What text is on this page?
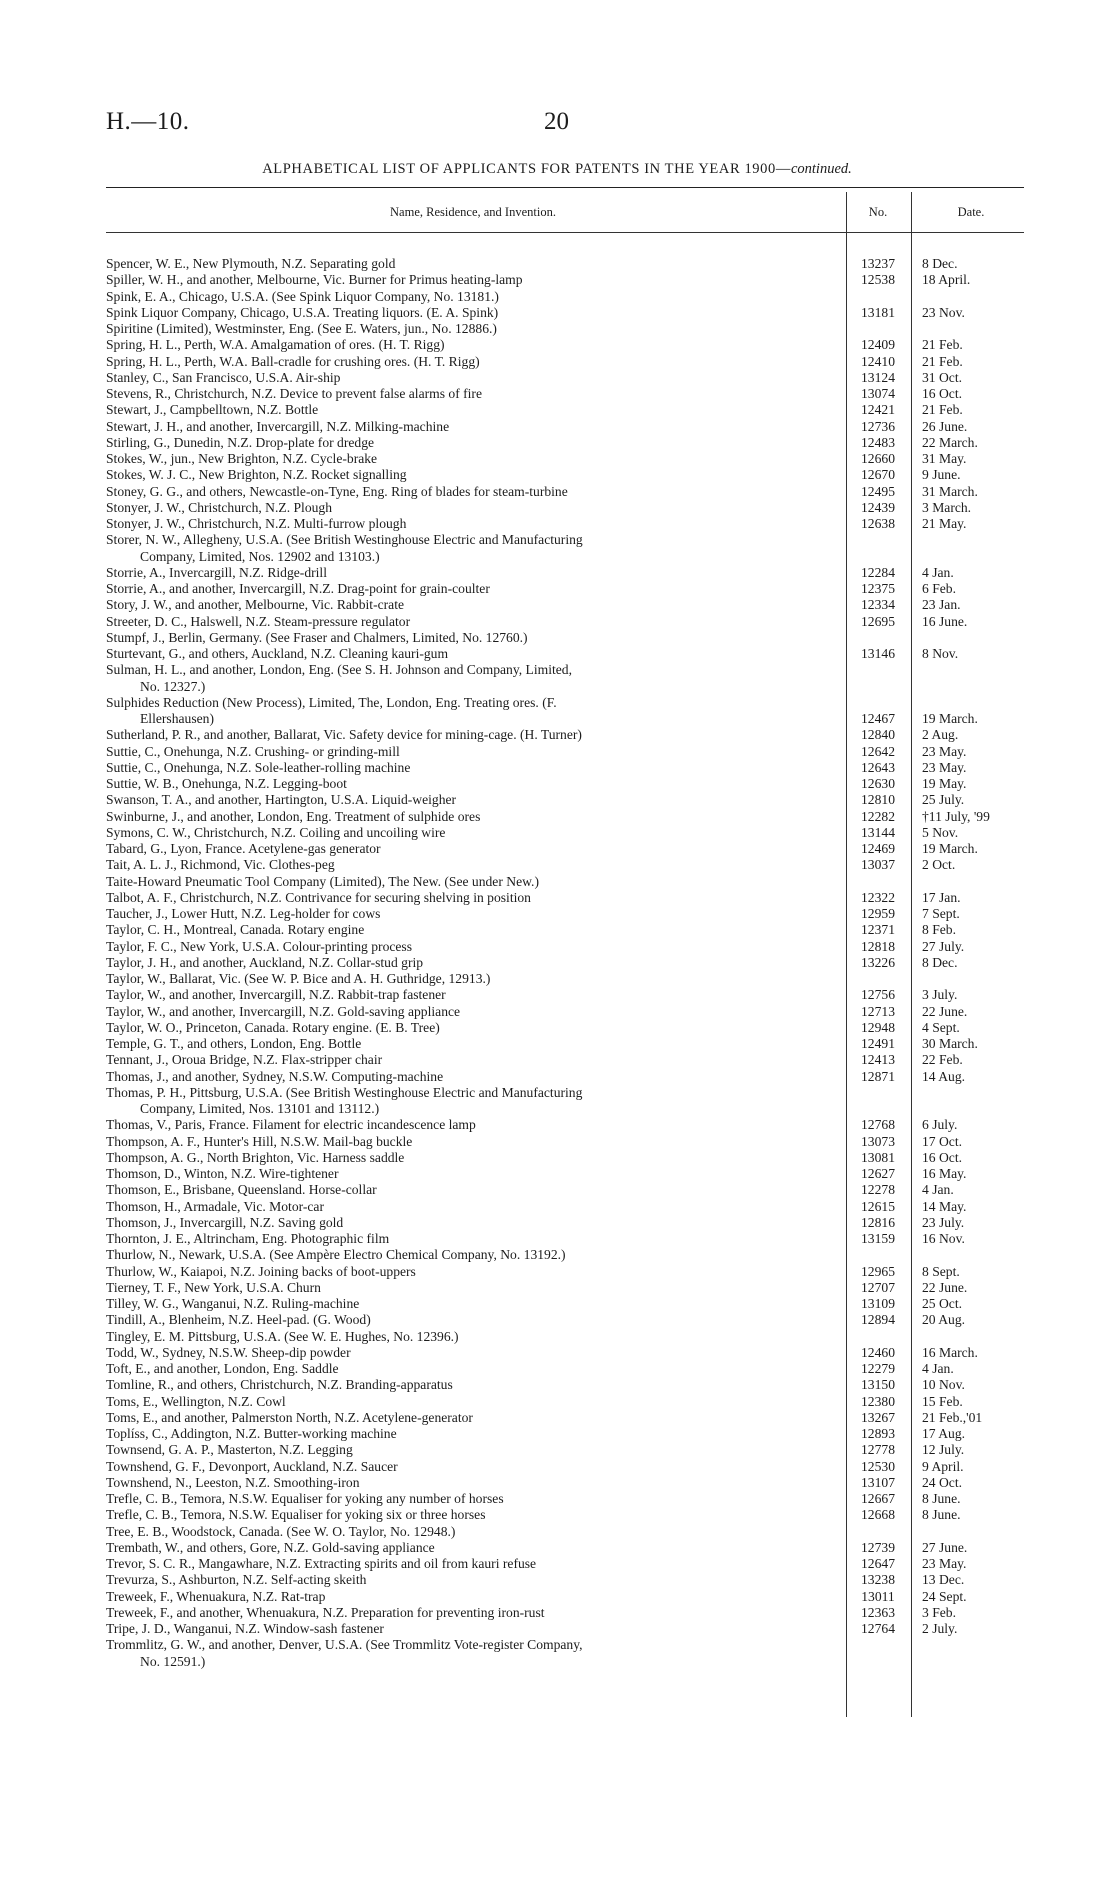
H.—10.	20
ALPHABETICAL LIST OF APPLICANTS FOR PATENTS IN THE YEAR 1900—continued.
Name, Residence, and Invention.	No.	Date.
Spencer, W. E., New Plymouth, N.Z. Separating gold	13237	8 Dec.
Spiller, W. H., and another, Melbourne, Vic. Burner for Primus heating-lamp	12538	18 April.
Spink, E. A., Chicago, U.S.A. (See Spink Liquor Company, No. 13181.)
Spink Liquor Company, Chicago, U.S.A. Treating liquors. (E. A. Spink)	13181	23 Nov.
Spiritine (Limited), Westminster, Eng. (See E. Waters, jun., No. 12886.)
Spring, H. L., Perth, W.A. Amalgamation of ores. (H. T. Rigg)	12409	21 Feb.
Spring, H. L., Perth, W.A. Ball-cradle for crushing ores. (H. T. Rigg)	12410	21 Feb.
Stanley, C., San Francisco, U.S.A. Air-ship	13124	31 Oct.
Stevens, R., Christchurch, N.Z. Device to prevent false alarms of fire	13074	16 Oct.
Stewart, J., Campbelltown, N.Z. Bottle	12421	21 Feb.
Stewart, J. H., and another, Invercargill, N.Z. Milking-machine	12736	26 June.
Stirling, G., Dunedin, N.Z. Drop-plate for dredge	12483	22 March.
Stokes, W., jun., New Brighton, N.Z. Cycle-brake	12660	31 May.
Stokes, W. J. C., New Brighton, N.Z. Rocket signalling	12670	9 June.
Stoney, G. G., and others, Newcastle-on-Tyne, Eng. Ring of blades for steam-turbine	12495	31 March.
Stonyer, J. W., Christchurch, N.Z. Plough	12439	3 March.
Stonyer, J. W., Christchurch, N.Z. Multi-furrow plough	12638	21 May.
Storer, N. W., Allegheny, U.S.A. (See British Westinghouse Electric and Manufacturing
Company, Limited, Nos. 12902 and 13103.)
Storrie, A., Invercargill, N.Z. Ridge-drill	12284	4 Jan.
Storrie, A., and another, Invercargill, N.Z. Drag-point for grain-coulter	12375	6 Feb.
Story, J. W., and another, Melbourne, Vic. Rabbit-crate	12334	23 Jan.
Streeter, D. C., Halswell, N.Z. Steam-pressure regulator	12695	16 June.
Stumpf, J., Berlin, Germany. (See Fraser and Chalmers, Limited, No. 12760.)
Sturtevant, G., and others, Auckland, N.Z. Cleaning kauri-gum	13146	8 Nov.
Sulman, H. L., and another, London, Eng. (See S. H. Johnson and Company, Limited,
No. 12327.)
Sulphides Reduction (New Process), Limited, The, London, Eng. Treating ores. (F.
Ellershausen)	12467	19 March.
Sutherland, P. R., and another, Ballarat, Vic. Safety device for mining-cage. (H. Turner)	12840	2 Aug.
Suttie, C., Onehunga, N.Z. Crushing- or grinding-mill	12642	23 May.
Suttie, C., Onehunga, N.Z. Sole-leather-rolling machine	12643	23 May.
Suttie, W. B., Onehunga, N.Z. Legging-boot	12630	19 May.
Swanson, T. A., and another, Hartington, U.S.A. Liquid-weigher	12810	25 July.
Swinburne, J., and another, London, Eng. Treatment of sulphide ores	12282	†11 July, '99
Symons, C. W., Christchurch, N.Z. Coiling and uncoiling wire	13144	5 Nov.
Tabard, G., Lyon, France. Acetylene-gas generator	12469	19 March.
Tait, A. L. J., Richmond, Vic. Clothes-peg	13037	2 Oct.
Taite-Howard Pneumatic Tool Company (Limited), The New. (See under New.)
Talbot, A. F., Christchurch, N.Z. Contrivance for securing shelving in position	12322	17 Jan.
Taucher, J., Lower Hutt, N.Z. Leg-holder for cows	12959	7 Sept.
Taylor, C. H., Montreal, Canada. Rotary engine	12371	8 Feb.
Taylor, F. C., New York, U.S.A. Colour-printing process	12818	27 July.
Taylor, J. H., and another, Auckland, N.Z. Collar-stud grip	13226	8 Dec.
Taylor, W., Ballarat, Vic. (See W. P. Bice and A. H. Guthridge, 12913.)
Taylor, W., and another, Invercargill, N.Z. Rabbit-trap fastener	12756	3 July.
Taylor, W., and another, Invercargill, N.Z. Gold-saving appliance	12713	22 June.
Taylor, W. O., Princeton, Canada. Rotary engine. (E. B. Tree)	12948	4 Sept.
Temple, G. T., and others, London, Eng. Bottle	12491	30 March.
Tennant, J., Oroua Bridge, N.Z. Flax-stripper chair	12413	22 Feb.
Thomas, J., and another, Sydney, N.S.W. Computing-machine	12871	14 Aug.
Thomas, P. H., Pittsburg, U.S.A. (See British Westinghouse Electric and Manufacturing
Company, Limited, Nos. 13101 and 13112.)
Thomas, V., Paris, France. Filament for electric incandescence lamp	12768	6 July.
Thompson, A. F., Hunter's Hill, N.S.W. Mail-bag buckle	13073	17 Oct.
Thompson, A. G., North Brighton, Vic. Harness saddle	13081	16 Oct.
Thomson, D., Winton, N.Z. Wire-tightener	12627	16 May.
Thomson, E., Brisbane, Queensland. Horse-collar	12278	4 Jan.
Thomson, H., Armadale, Vic. Motor-car	12615	14 May.
Thomson, J., Invercargill, N.Z. Saving gold	12816	23 July.
Thornton, J. E., Altrincham, Eng. Photographic film	13159	16 Nov.
Thurlow, N., Newark, U.S.A. (See Ampère Electro Chemical Company, No. 13192.)
Thurlow, W., Kaiapoi, N.Z. Joining backs of boot-uppers	12965	8 Sept.
Tierney, T. F., New York, U.S.A. Churn	12707	22 June.
Tilley, W. G., Wanganui, N.Z. Ruling-machine	13109	25 Oct.
Tindill, A., Blenheim, N.Z. Heel-pad. (G. Wood)	12894	20 Aug.
Tingley, E. M. Pittsburg, U.S.A. (See W. E. Hughes, No. 12396.)
Todd, W., Sydney, N.S.W. Sheep-dip powder	12460	16 March.
Toft, E., and another, London, Eng. Saddle	12279	4 Jan.
Tomline, R., and others, Christchurch, N.Z. Branding-apparatus	13150	10 Nov.
Toms, E., Wellington, N.Z. Cowl	12380	15 Feb.
Toms, E., and another, Palmerston North, N.Z. Acetylene-generator	13267	21 Feb.,'01
Toplíss, C., Addington, N.Z. Butter-working machine	12893	17 Aug.
Townsend, G. A. P., Masterton, N.Z. Legging	12778	12 July.
Townshend, G. F., Devonport, Auckland, N.Z. Saucer	12530	9 April.
Townshend, N., Leeston, N.Z. Smoothing-iron	13107	24 Oct.
Trefle, C. B., Temora, N.S.W. Equaliser for yoking any number of horses	12667	8 June.
Trefle, C. B., Temora, N.S.W. Equaliser for yoking six or three horses	12668	8 June.
Tree, E. B., Woodstock, Canada. (See W. O. Taylor, No. 12948.)
Trembath, W., and others, Gore, N.Z. Gold-saving appliance	12739	27 June.
Trevor, S. C. R., Mangawhare, N.Z. Extracting spirits and oil from kauri refuse	12647	23 May.
Trevurza, S., Ashburton, N.Z. Self-acting skeith	13238	13 Dec.
Treweek, F., Whenuakura, N.Z. Rat-trap	13011	24 Sept.
Treweek, F., and another, Whenuakura, N.Z. Preparation for preventing iron-rust	12363	3 Feb.
Tripe, J. D., Wanganui, N.Z. Window-sash fastener	12764	2 July.
Trommlitz, G. W., and another, Denver, U.S.A. (See Trommlitz Vote-register Company,
No. 12591.)
